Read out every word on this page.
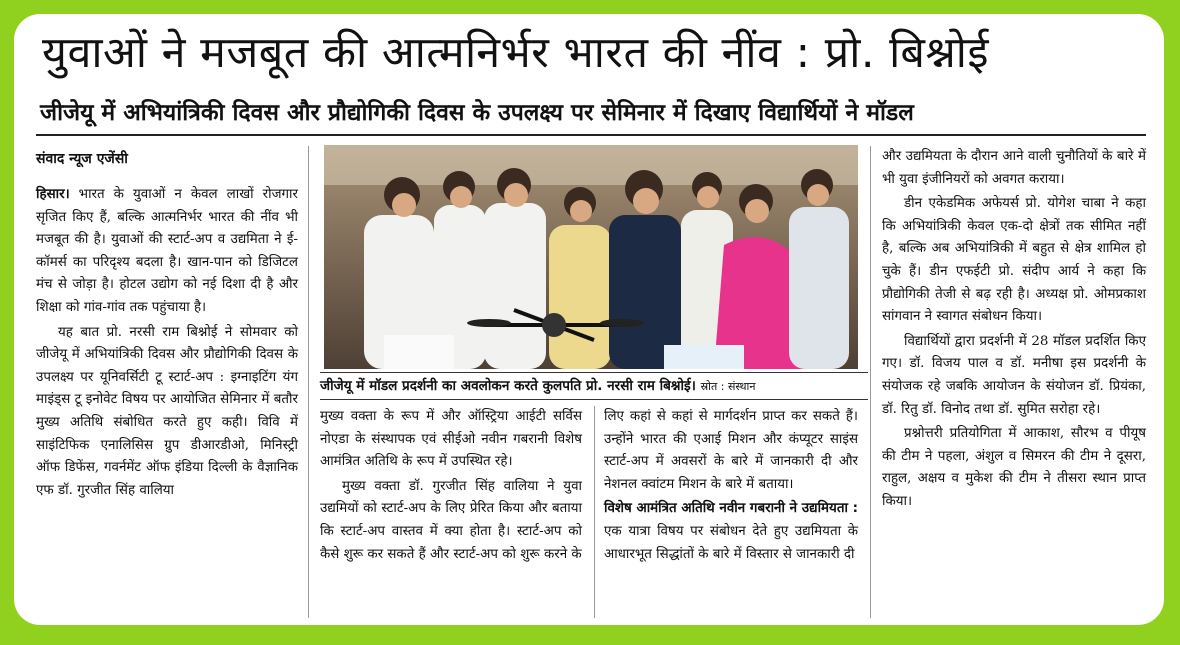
युवाओं ने मजबूत की आत्मनिर्भर भारत की नींव : प्रो. बिश्नोई
जीजेयू में अभियांत्रिकी दिवस और प्रौद्योगिकी दिवस के उपलक्ष्य पर सेमिनार में दिखाए विद्यार्थियों ने मॉडल
संवाद न्यूज एजेंसी

हिसार। भारत के युवाओं न केवल लाखों रोजगार सृजित किए हैं, बल्कि आत्मनिर्भर भारत की नींव भी मजबूत की है। युवाओं की स्टार्ट-अप व उद्यमिता ने ई-कॉमर्स का परिदृश्य बदला है। खान-पान को डिजिटल मंच से जोड़ा है। होटल उद्योग को नई दिशा दी है और शिक्षा को गांव-गांव तक पहुंचाया है।

यह बात प्रो. नरसी राम बिश्नोई ने सोमवार को जीजेयू में अभियांत्रिकी दिवस और प्रौद्योगिकी दिवस के उपलक्ष्य पर यूनिवर्सिटी टू स्टार्ट-अप : इग्नाइटिंग यंग माइंड्स टू इनोवेट विषय पर आयोजित सेमिनार में बतौर मुख्य अतिथि संबोधित करते हुए कही। विवि में साइंटिफिक एनालिसिस ग्रुप डीआरडीओ, मिनिस्ट्री ऑफ डिफेंस, गवर्नमेंट ऑफ इंडिया दिल्ली के वैज्ञानिक एफ डॉ. गुरजीत सिंह वालिया

जीजेयू में मॉडल प्रदर्शनी का अवलोकन करते कुलपति प्रो. नरसी राम बिश्नोई। स्रोत : संस्थान

मुख्य वक्ता के रूप में और ऑस्ट्रिया आईटी सर्विस नोएडा के संस्थापक एवं सीईओ नवीन गबरानी विशेष आमंत्रित अतिथि के रूप में उपस्थित रहे।

मुख्य वक्ता डॉ. गुरजीत सिंह वालिया ने युवा उद्यमियों को स्टार्ट-अप के लिए प्रेरित किया और बताया कि स्टार्ट-अप वास्तव में क्या होता है। स्टार्ट-अप को कैसे शुरू कर सकते हैं और स्टार्ट-अप को शुरू करने के

लिए कहां से कहां से मार्गदर्शन प्राप्त कर सकते हैं। उन्होंने भारत की एआई मिशन और कंप्यूटर साइंस स्टार्ट-अप में अवसरों के बारे में जानकारी दी और नेशनल क्वांटम मिशन के बारे में बताया।

विशेष आमंत्रित अतिथि नवीन गबरानी ने उद्यमियता : एक यात्रा विषय पर संबोधन देते हुए उद्यमियता के आधारभूत सिद्धांतों के बारे में विस्तार से जानकारी दी

और उद्यमियता के दौरान आने वाली चुनौतियों के बारे में भी युवा इंजीनियरों को अवगत कराया।

डीन एकेडमिक अफेयर्स प्रो. योगेश चाबा ने कहा कि अभियांत्रिकी केवल एक-दो क्षेत्रों तक सीमित नहीं है, बल्कि अब अभियांत्रिकी में बहुत से क्षेत्र शामिल हो चुके हैं। डीन एफईटी प्रो. संदीप आर्य ने कहा कि प्रौद्योगिकी तेजी से बढ़ रही है। अध्यक्ष प्रो. ओमप्रकाश सांगवान ने स्वागत संबोधन किया।

विद्यार्थियों द्वारा प्रदर्शनी में 28 मॉडल प्रदर्शित किए गए। डॉ. विजय पाल व डॉ. मनीषा इस प्रदर्शनी के संयोजक रहे जबकि आयोजन के संयोजन डॉ. प्रियंका, डॉ. रितु डॉ. विनोद तथा डॉ. सुमित सरोहा रहे।

प्रश्नोत्तरी प्रतियोगिता में आकाश, सौरभ व पीयूष की टीम ने पहला, अंशुल व सिमरन की टीम ने दूसरा, राहुल, अक्षय व मुकेश की टीम ने तीसरा स्थान प्राप्त किया।
